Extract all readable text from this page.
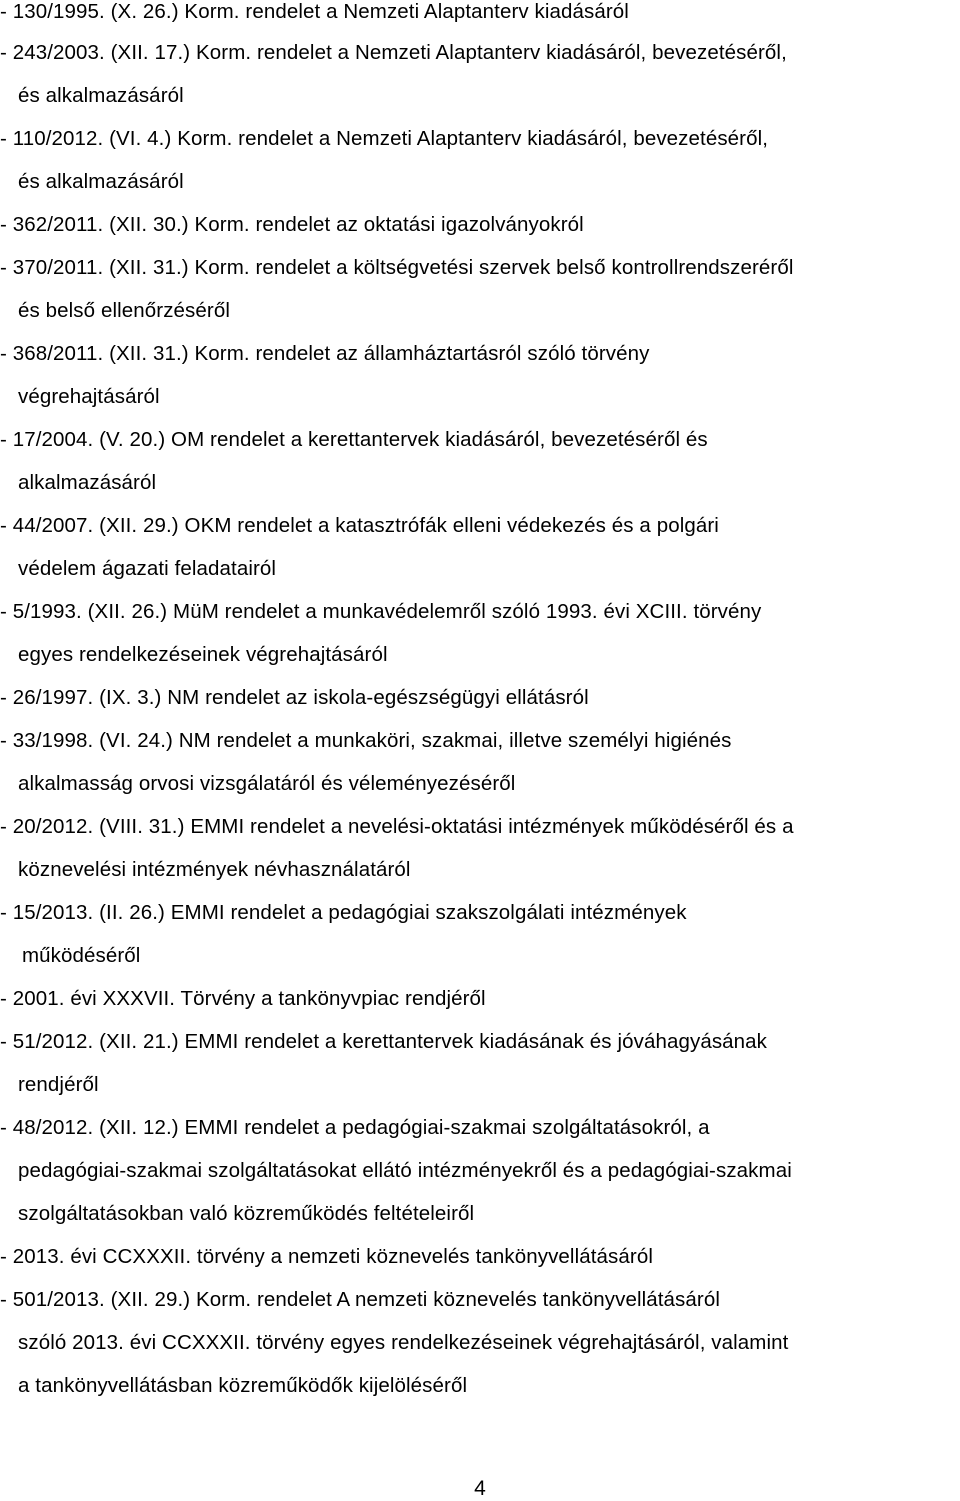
- 130/1995. (X. 26.) Korm. rendelet a Nemzeti Alaptanterv kiadásáról
- 243/2003. (XII. 17.) Korm. rendelet a Nemzeti Alaptanterv kiadásáról, bevezetéséről,
és alkalmazásáról
- 110/2012. (VI. 4.) Korm. rendelet a Nemzeti Alaptanterv kiadásáról, bevezetéséről,
és alkalmazásáról
- 362/2011. (XII. 30.) Korm. rendelet az oktatási igazolványokról
- 370/2011. (XII. 31.) Korm. rendelet a költségvetési szervek belső kontrollrendszeréről
és belső ellenőrzéséről
- 368/2011. (XII. 31.) Korm. rendelet az államháztartásról szóló törvény
végrehajtásáról
- 17/2004. (V. 20.) OM rendelet a kerettantervek kiadásáról, bevezetéséről és
alkalmazásáról
- 44/2007. (XII. 29.) OKM rendelet a katasztrófák elleni védekezés és a polgári
védelem ágazati feladatairól
- 5/1993. (XII. 26.) MüM rendelet a munkavédelemről szóló 1993. évi XCIII. törvény
egyes rendelkezéseinek végrehajtásáról
- 26/1997. (IX. 3.) NM rendelet az iskola-egészségügyi ellátásról
- 33/1998. (VI. 24.) NM rendelet a munkaköri, szakmai, illetve személyi higiénés
alkalmasság orvosi vizsgálatáról és véleményezéséről
- 20/2012. (VIII. 31.) EMMI rendelet a nevelési-oktatási intézmények működéséről és a
köznevelési intézmények névhasználatáról
- 15/2013. (II. 26.) EMMI rendelet a pedagógiai szakszolgálati intézmények
működéséről
- 2001. évi XXXVII. Törvény a tankönyvpiac rendjéről
- 51/2012. (XII. 21.) EMMI rendelet a kerettantervek kiadásának és jóváhagyásának
rendjéről
- 48/2012. (XII. 12.) EMMI rendelet a pedagógiai-szakmai szolgáltatásokról, a
pedagógiai-szakmai szolgáltatásokat ellátó intézményekről és a pedagógiai-szakmai
szolgáltatásokban való közreműködés feltételeiről
- 2013. évi CCXXXII. törvény a nemzeti köznevelés tankönyvellátásáról
- 501/2013. (XII. 29.) Korm. rendelet A nemzeti köznevelés tankönyvellátásáról
szóló 2013. évi CCXXXII. törvény egyes rendelkezéseinek végrehajtásáról, valamint
a tankönyvellátásban közreműködők kijelöléséről
4
